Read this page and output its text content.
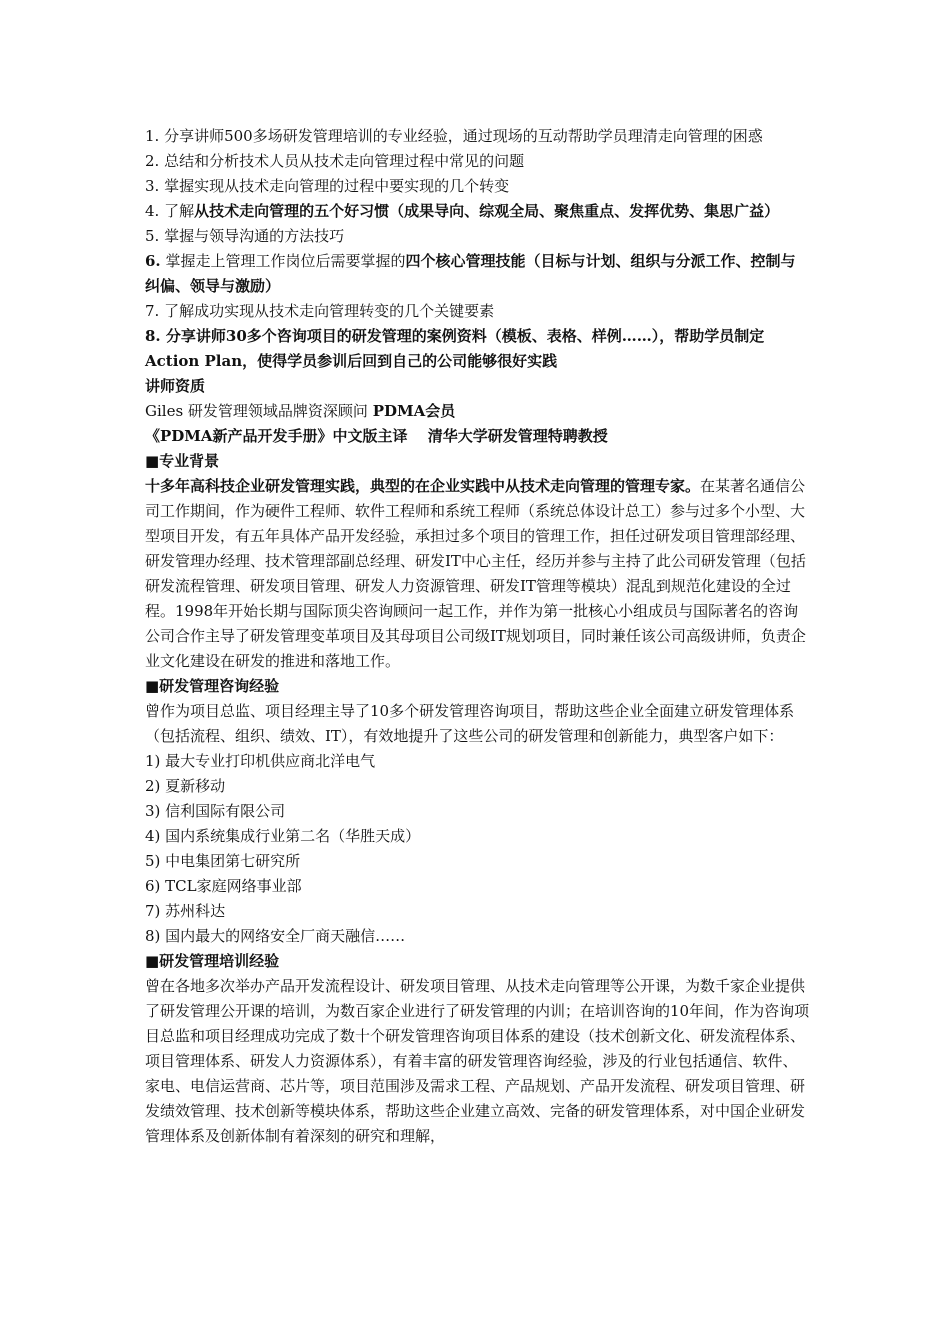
1. 分享讲师500多场研发管理培训的专业经验，通过现场的互动帮助学员理清走向管理的困惑

2. 总结和分析技术人员从技术走向管理过程中常见的问题

3. 掌握实现从技术走向管理的过程中要实现的几个转变

4. 了解从技术走向管理的五个好习惯（成果导向、综观全局、聚焦重点、发挥优势、集思广益）

5. 掌握与领导沟通的方法技巧

6. 掌握走上管理工作岗位后需要掌握的四个核心管理技能（目标与计划、组织与分派工作、控制与纠偏、领导与激励）

7. 了解成功实现从技术走向管理转变的几个关键要素

8. 分享讲师30多个咨询项目的研发管理的案例资料（模板、表格、样例……），帮助学员制定Action Plan，使得学员参训后回到自己的公司能够很好实践

讲师资质

Giles 研发管理领域品牌资深顾问 PDMA会员

《PDMA新产品开发手册》中文版主译　 清华大学研发管理特聘教授

■专业背景

十多年高科技企业研发管理实践，典型的在企业实践中从技术走向管理的管理专家。在某著名通信公司工作期间，作为硬件工程师、软件工程师和系统工程师（系统总体设计总工）参与过多个小型、大型项目开发，有五年具体产品开发经验，承担过多个项目的管理工作，担任过研发项目管理部经理、研发管理办经理、技术管理部副总经理、研发IT中心主任，经历并参与主持了此公司研发管理（包括研发流程管理、研发项目管理、研发人力资源管理、研发IT管理等模块）混乱到规范化建设的全过程。1998年开始长期与国际顶尖咨询顾问一起工作，并作为第一批核心小组成员与国际著名的咨询公司合作主导了研发管理变革项目及其母项目公司级IT规划项目，同时兼任该公司高级讲师，负责企业文化建设在研发的推进和落地工作。

■研发管理咨询经验

曾作为项目总监、项目经理主导了10多个研发管理咨询项目，帮助这些企业全面建立研发管理体系（包括流程、组织、绩效、IT），有效地提升了这些公司的研发管理和创新能力，典型客户如下：

1) 最大专业打印机供应商北洋电气

2) 夏新移动

3) 信利国际有限公司

4) 国内系统集成行业第二名（华胜天成）

5) 中电集团第七研究所

6) TCL家庭网络事业部

7) 苏州科达

8) 国内最大的网络安全厂商天融信……

■研发管理培训经验

曾在各地多次举办产品开发流程设计、研发项目管理、从技术走向管理等公开课，为数千家企业提供了研发管理公开课的培训，为数百家企业进行了研发管理的内训；在培训咨询的10年间，作为咨询项目总监和项目经理成功完成了数十个研发管理咨询项目体系的建设（技术创新文化、研发流程体系、项目管理体系、研发人力资源体系），有着丰富的研发管理咨询经验，涉及的行业包括通信、软件、家电、电信运营商、芯片等，项目范围涉及需求工程、产品规划、产品开发流程、研发项目管理、研发绩效管理、技术创新等模块体系，帮助这些企业建立高效、完备的研发管理体系，对中国企业研发管理体系及创新体制有着深刻的研究和理解，
